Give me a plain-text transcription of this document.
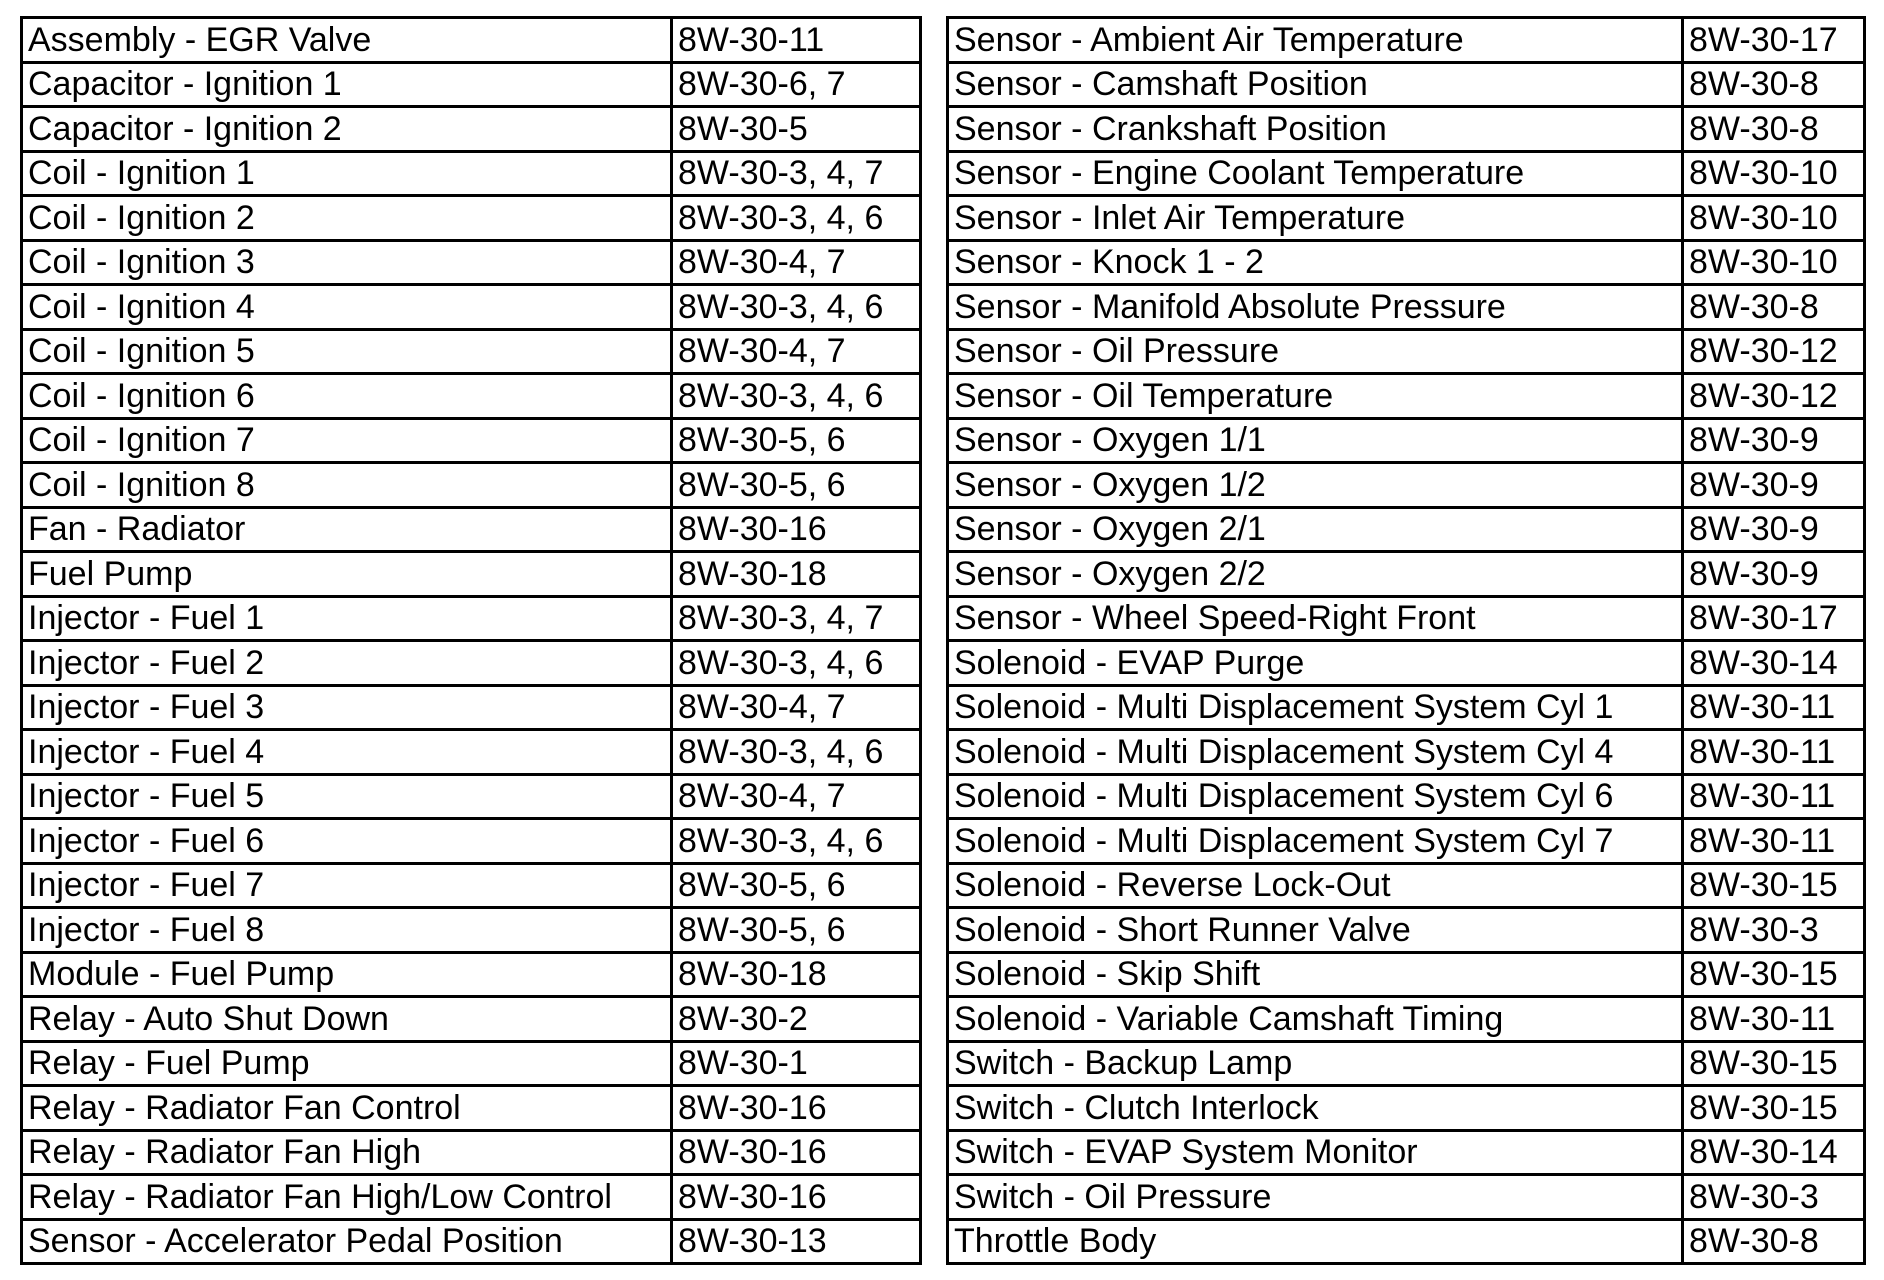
Assembly - EGR Valve	8W-30-11
Capacitor - Ignition 1	8W-30-6, 7
Capacitor - Ignition 2	8W-30-5
Coil - Ignition 1	8W-30-3, 4, 7
Coil - Ignition 2	8W-30-3, 4, 6
Coil - Ignition 3	8W-30-4, 7
Coil - Ignition 4	8W-30-3, 4, 6
Coil - Ignition 5	8W-30-4, 7
Coil - Ignition 6	8W-30-3, 4, 6
Coil - Ignition 7	8W-30-5, 6
Coil - Ignition 8	8W-30-5, 6
Fan - Radiator	8W-30-16
Fuel Pump	8W-30-18
Injector - Fuel 1	8W-30-3, 4, 7
Injector - Fuel 2	8W-30-3, 4, 6
Injector - Fuel 3	8W-30-4, 7
Injector - Fuel 4	8W-30-3, 4, 6
Injector - Fuel 5	8W-30-4, 7
Injector - Fuel 6	8W-30-3, 4, 6
Injector - Fuel 7	8W-30-5, 6
Injector - Fuel 8	8W-30-5, 6
Module - Fuel Pump	8W-30-18
Relay - Auto Shut Down	8W-30-2
Relay - Fuel Pump	8W-30-1
Relay - Radiator Fan Control	8W-30-16
Relay - Radiator Fan High	8W-30-16
Relay - Radiator Fan High/Low Control	8W-30-16
Sensor - Accelerator Pedal Position	8W-30-13
Sensor - Ambient Air Temperature	8W-30-17
Sensor - Camshaft Position	8W-30-8
Sensor - Crankshaft Position	8W-30-8
Sensor - Engine Coolant Temperature	8W-30-10
Sensor - Inlet Air Temperature	8W-30-10
Sensor - Knock 1 - 2	8W-30-10
Sensor - Manifold Absolute Pressure	8W-30-8
Sensor - Oil Pressure	8W-30-12
Sensor - Oil Temperature	8W-30-12
Sensor - Oxygen 1/1	8W-30-9
Sensor - Oxygen 1/2	8W-30-9
Sensor - Oxygen 2/1	8W-30-9
Sensor - Oxygen 2/2	8W-30-9
Sensor - Wheel Speed-Right Front	8W-30-17
Solenoid - EVAP Purge	8W-30-14
Solenoid - Multi Displacement System Cyl 1	8W-30-11
Solenoid - Multi Displacement System Cyl 4	8W-30-11
Solenoid - Multi Displacement System Cyl 6	8W-30-11
Solenoid - Multi Displacement System Cyl 7	8W-30-11
Solenoid - Reverse Lock-Out	8W-30-15
Solenoid - Short Runner Valve	8W-30-3
Solenoid - Skip Shift	8W-30-15
Solenoid - Variable Camshaft Timing	8W-30-11
Switch - Backup Lamp	8W-30-15
Switch - Clutch Interlock	8W-30-15
Switch - EVAP System Monitor	8W-30-14
Switch - Oil Pressure	8W-30-3
Throttle Body	8W-30-8
